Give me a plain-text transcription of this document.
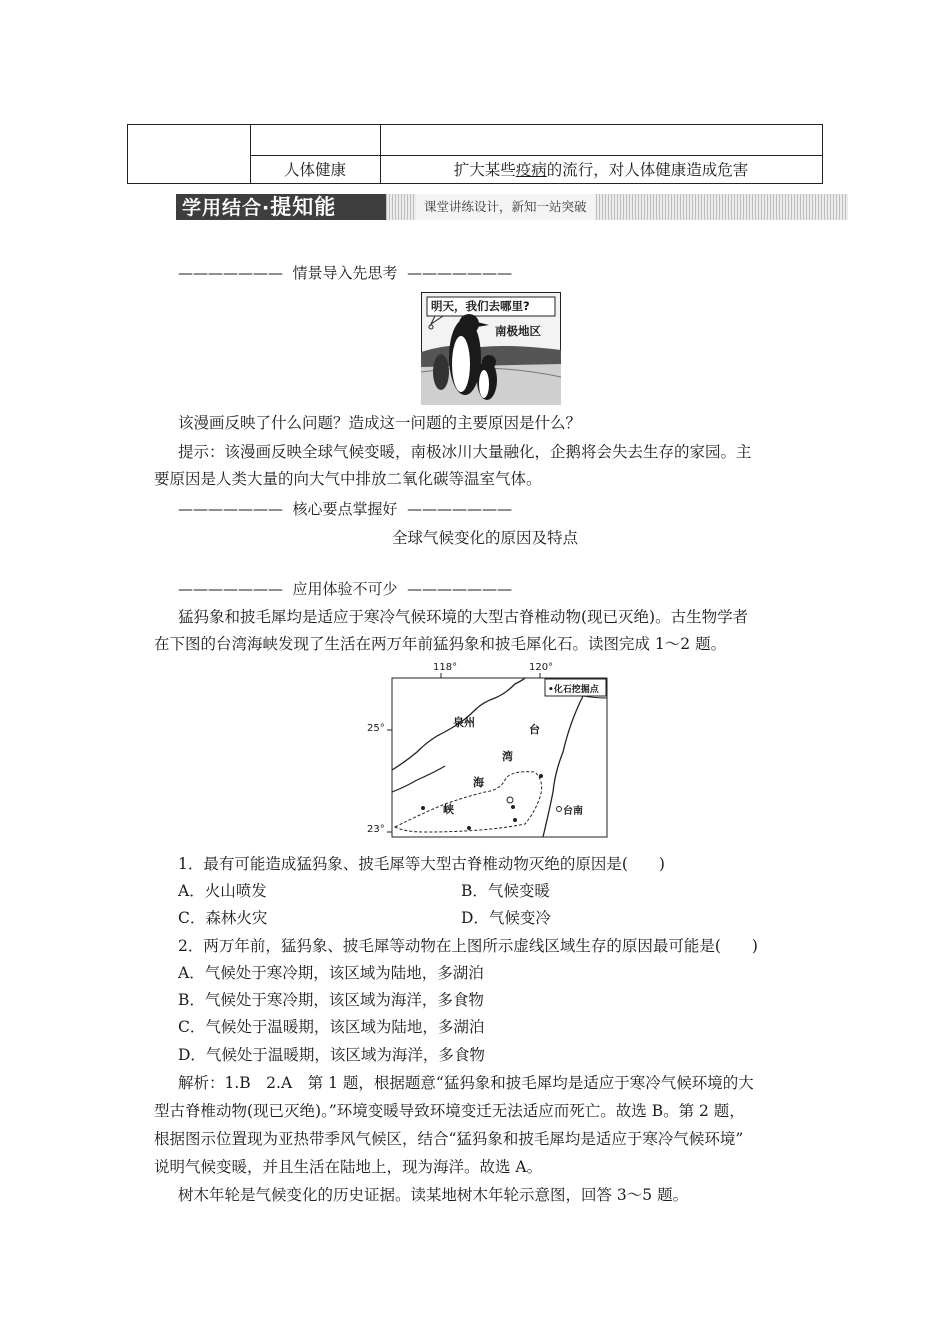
人体健康	扩大某些疫病的流行，对人体健康造成危害
学用结合·提知能	课堂讲练设计，新知一站突破
——————— 情景导入先思考 ———————
明天，我们去哪里?
南极地区
该漫画反映了什么问题？造成这一问题的主要原因是什么？
提示：该漫画反映全球气候变暖，南极冰川大量融化，企鹅将会失去生存的家园。主
要原因是人类大量的向大气中排放二氧化碳等温室气体。
——————— 核心要点掌握好 ———————
全球气候变化的原因及特点
——————— 应用体验不可少 ———————
猛犸象和披毛犀均是适应于寒冷气候环境的大型古脊椎动物(现已灭绝)。古生物学者
在下图的台湾海峡发现了生活在两万年前猛犸象和披毛犀化石。读图完成 1～2 题。
118°	120°
25°
23°
•化石挖掘点
泉州
台
湾
海
峡	台南
1．最有可能造成猛犸象、披毛犀等大型古脊椎动物灭绝的原因是(　　)
A．火山喷发	B．气候变暖
C．森林火灾	D．气候变冷
2．两万年前，猛犸象、披毛犀等动物在上图所示虚线区域生存的原因最可能是(　　)
A．气候处于寒冷期，该区域为陆地，多湖泊
B．气候处于寒冷期，该区域为海洋，多食物
C．气候处于温暖期，该区域为陆地，多湖泊
D．气候处于温暖期，该区域为海洋，多食物
解析：1.B　2.A　第 1 题，根据题意“猛犸象和披毛犀均是适应于寒冷气候环境的大
型古脊椎动物(现已灭绝)。”环境变暖导致环境变迁无法适应而死亡。故选 B。第 2 题，
根据图示位置现为亚热带季风气候区，结合“猛犸象和披毛犀均是适应于寒冷气候环境”
说明气候变暖，并且生活在陆地上，现为海洋。故选 A。
树木年轮是气候变化的历史证据。读某地树木年轮示意图，回答 3～5 题。
